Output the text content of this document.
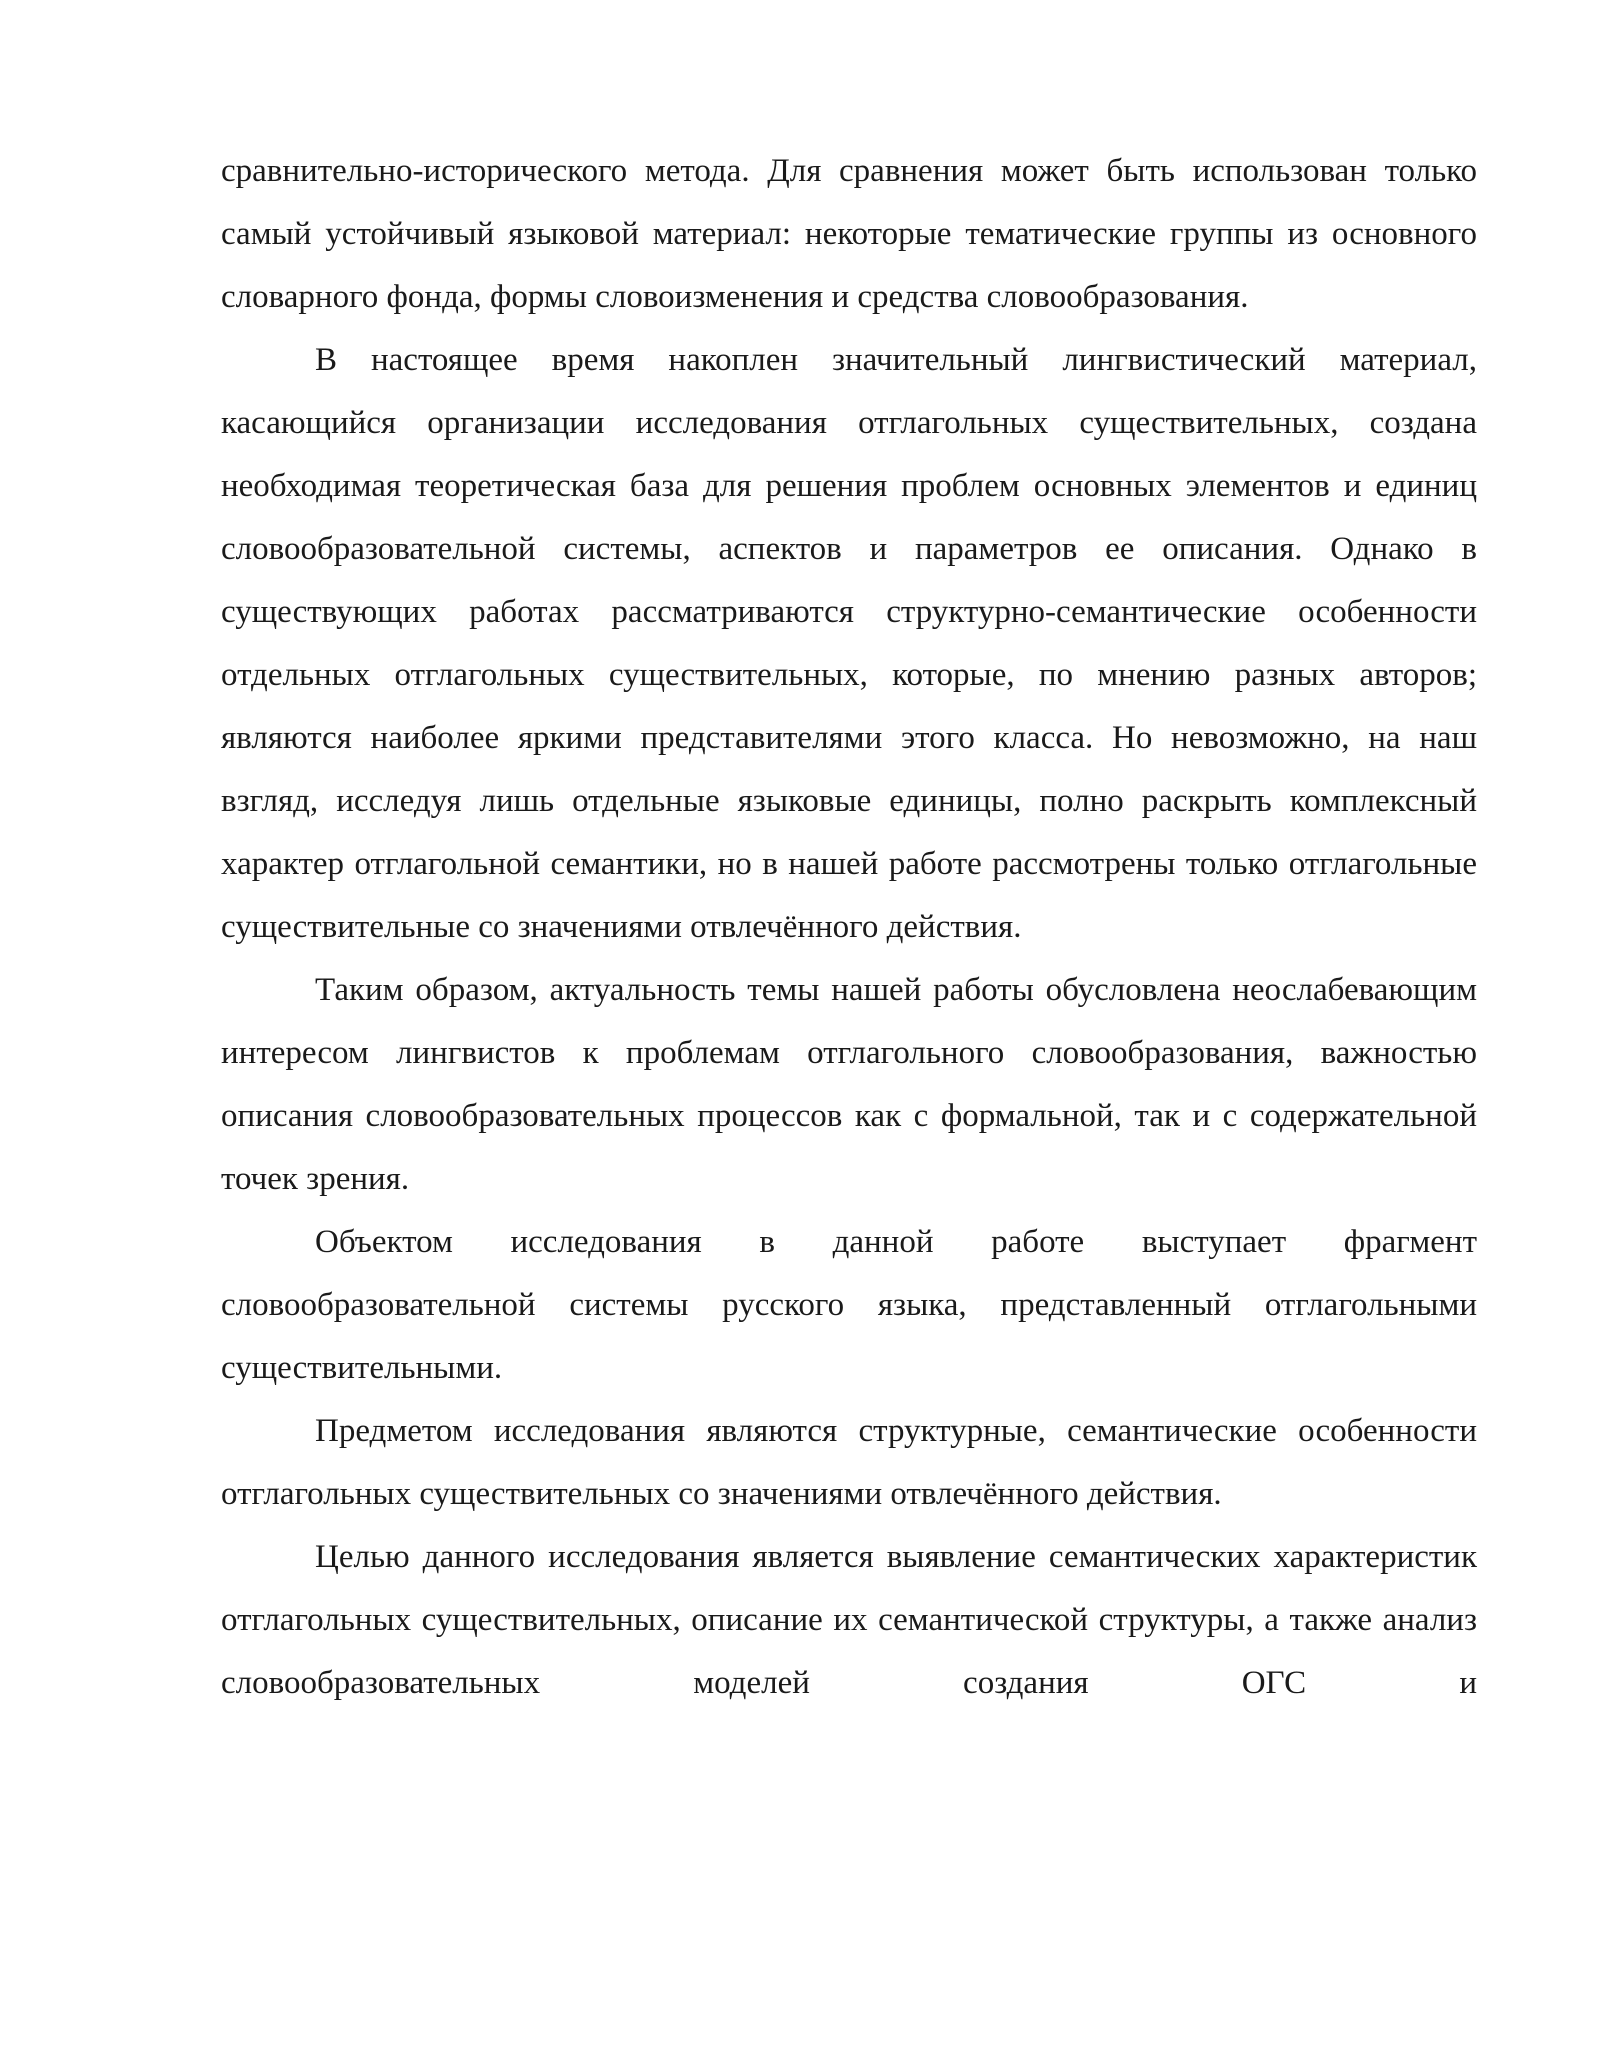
сравнительно-исторического метода. Для сравнения может быть использован только самый устойчивый языковой материал: некоторые тематические группы из основного словарного фонда, формы словоизменения и средства словообразования.

В настоящее время накоплен значительный лингвистический материал, касающийся организации исследования отглагольных существительных, создана необходимая теоретическая база для решения проблем основных элементов и единиц словообразовательной системы, аспектов и параметров ее описания. Однако в существующих работах рассматриваются структурно-семантические особенности отдельных отглагольных существительных, которые, по мнению разных авторов; являются наиболее яркими представителями этого класса. Но невозможно, на наш взгляд, исследуя лишь отдельные языковые единицы, полно раскрыть комплексный характер отглагольной семантики, но в нашей работе рассмотрены только отглагольные существительные со значениями отвлечённого действия.

Таким образом, актуальность темы нашей работы обусловлена неослабевающим интересом лингвистов к проблемам отглагольного словообразования, важностью описания словообразовательных процессов как с формальной, так и с содержательной точек зрения.

Объектом исследования в данной работе выступает фрагмент словообразовательной системы русского языка, представленный отглагольными существительными.

Предметом исследования являются структурные, семантические особенности отглагольных существительных со значениями отвлечённого действия.

Целью данного исследования является выявление семантических характеристик отглагольных существительных, описание их семантической структуры, а также анализ словообразовательных моделей создания ОГС и
